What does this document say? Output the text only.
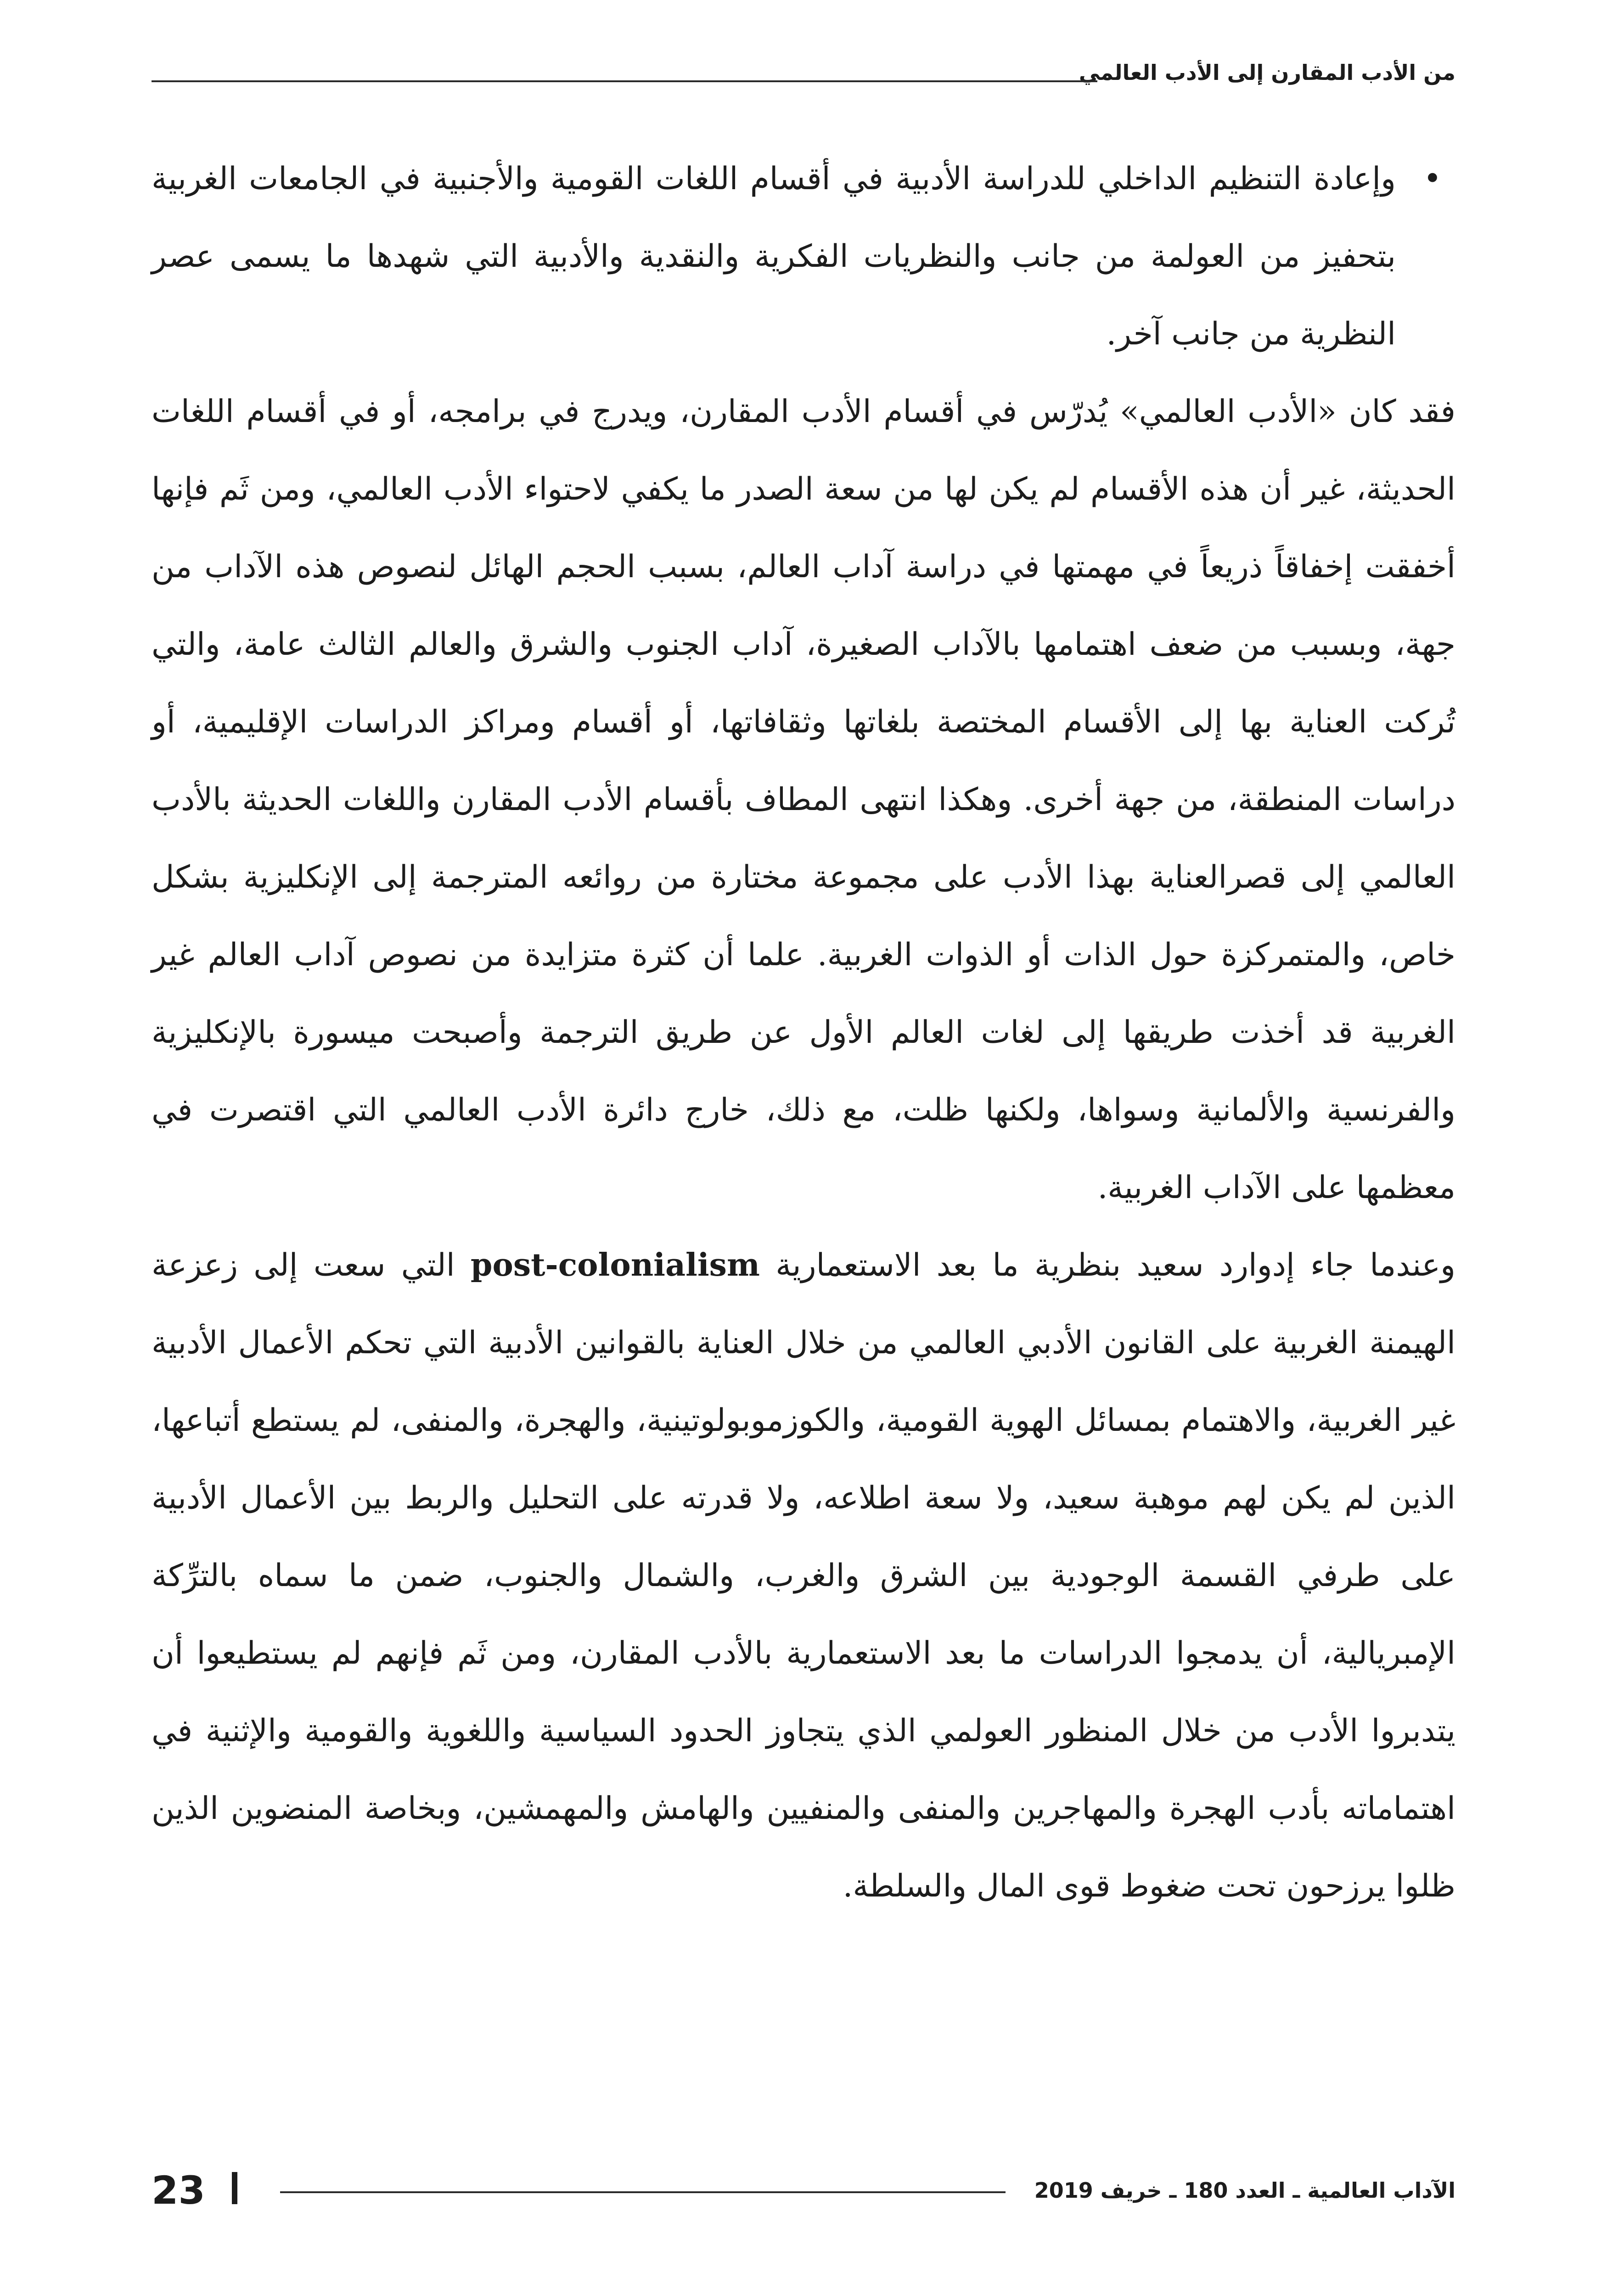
من الأدب المقارن إلى الأدب العالمي

•
وإعادة التنظيم الداخلي للدراسة الأدبية في أقسام اللغات القومية والأجنبية في الجامعات الغربية بتحفيز من العولمة من جانب والنظريات الفكرية والنقدية والأدبية التي شهدها ما يسمى عصر النظرية من جانب آخر.

فقد كان «الأدب العالمي» يُدرّس في أقسام الأدب المقارن، ويدرج في برامجه، أو في أقسام اللغات الحديثة، غير أن هذه الأقسام لم يكن لها من سعة الصدر ما يكفي لاحتواء الأدب العالمي، ومن ثَم فإنها أخفقت إخفاقاً ذريعاً في مهمتها في دراسة آداب العالم، بسبب الحجم الهائل لنصوص هذه الآداب من جهة، وبسبب من ضعف اهتمامها بالآداب الصغيرة، آداب الجنوب والشرق والعالم الثالث عامة، والتي تُركت العناية بها إلى الأقسام المختصة بلغاتها وثقافاتها، أو أقسام ومراكز الدراسات الإقليمية، أو دراسات المنطقة، من جهة أخرى. وهكذا انتهى المطاف بأقسام الأدب المقارن واللغات الحديثة بالأدب العالمي إلى قصرالعناية بهذا الأدب على مجموعة مختارة من روائعه المترجمة إلى الإنكليزية بشكل خاص، والمتمركزة حول الذات أو الذوات الغربية. علما أن كثرة متزايدة من نصوص آداب العالم غير الغربية قد أخذت طريقها إلى لغات العالم الأول عن طريق الترجمة وأصبحت ميسورة بالإنكليزية والفرنسية والألمانية وسواها، ولكنها ظلت، مع ذلك، خارج دائرة الأدب العالمي التي اقتصرت في معظمها على الآداب الغربية.

وعندما جاء إدوارد سعيد بنظرية ما بعد الاستعمارية post-colonialism التي سعت إلى زعزعة الهيمنة الغربية على القانون الأدبي العالمي من خلال العناية بالقوانين الأدبية التي تحكم الأعمال الأدبية غير الغربية، والاهتمام بمسائل الهوية القومية، والكوزموبولوتينية، والهجرة، والمنفى، لم يستطع أتباعها، الذين لم يكن لهم موهبة سعيد، ولا سعة اطلاعه، ولا قدرته على التحليل والربط بين الأعمال الأدبية على طرفي القسمة الوجودية بين الشرق والغرب، والشمال والجنوب، ضمن ما سماه بالترِّكة الإمبريالية، أن يدمجوا الدراسات ما بعد الاستعمارية بالأدب المقارن، ومن ثَم فإنهم لم يستطيعوا أن يتدبروا الأدب من خلال المنظور العولمي الذي يتجاوز الحدود السياسية واللغوية والقومية والإثنية في اهتماماته بأدب الهجرة والمهاجرين والمنفى والمنفيين والهامش والمهمشين، وبخاصة المنضوين الذين ظلوا يرزحون تحت ضغوط قوى المال والسلطة.

الآداب العالمية ـ العدد 180 ـ خريف 2019
23
